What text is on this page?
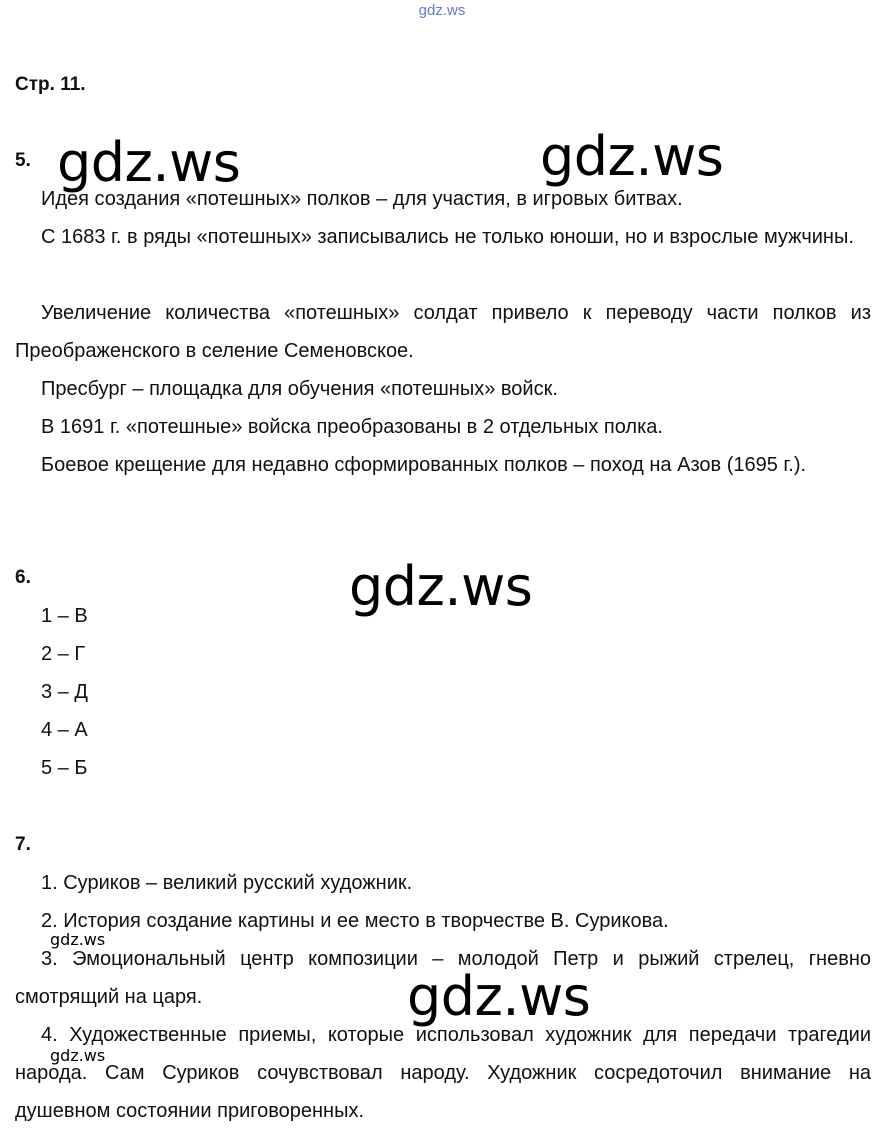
gdz.ws
Стр. 11.
5.

Идея создания «потешных» полков – для участия, в игровых битвах.

С 1683 г. в ряды «потешных» записывались не только юноши, но и взрослые мужчины.

Увеличение количества «потешных» солдат привело к переводу части полков из Преображенского в селение Семеновское.

Пресбург – площадка для обучения «потешных» войск.

В 1691 г. «потешные» войска преобразованы в 2 отдельных полка.

Боевое крещение для недавно сформированных полков – поход на Азов (1695 г.).

6.
1 – В
2 – Г
3 – Д
4 – А
5 – Б
7.

1. Суриков – великий русский художник.

2. История создание картины и ее место в творчестве В. Сурикова.

3. Эмоциональный центр композиции – молодой Петр и рыжий стрелец, гневно смотрящий на царя.

4. Художественные приемы, которые использовал художник для передачи трагедии народа. Сам Суриков сочувствовал народу. Художник сосредоточил внимание на душевном состоянии приговоренных.

gdz.ws	gdz.ws
gdz.ws
gdz.ws
gdz.ws
gdz.ws
